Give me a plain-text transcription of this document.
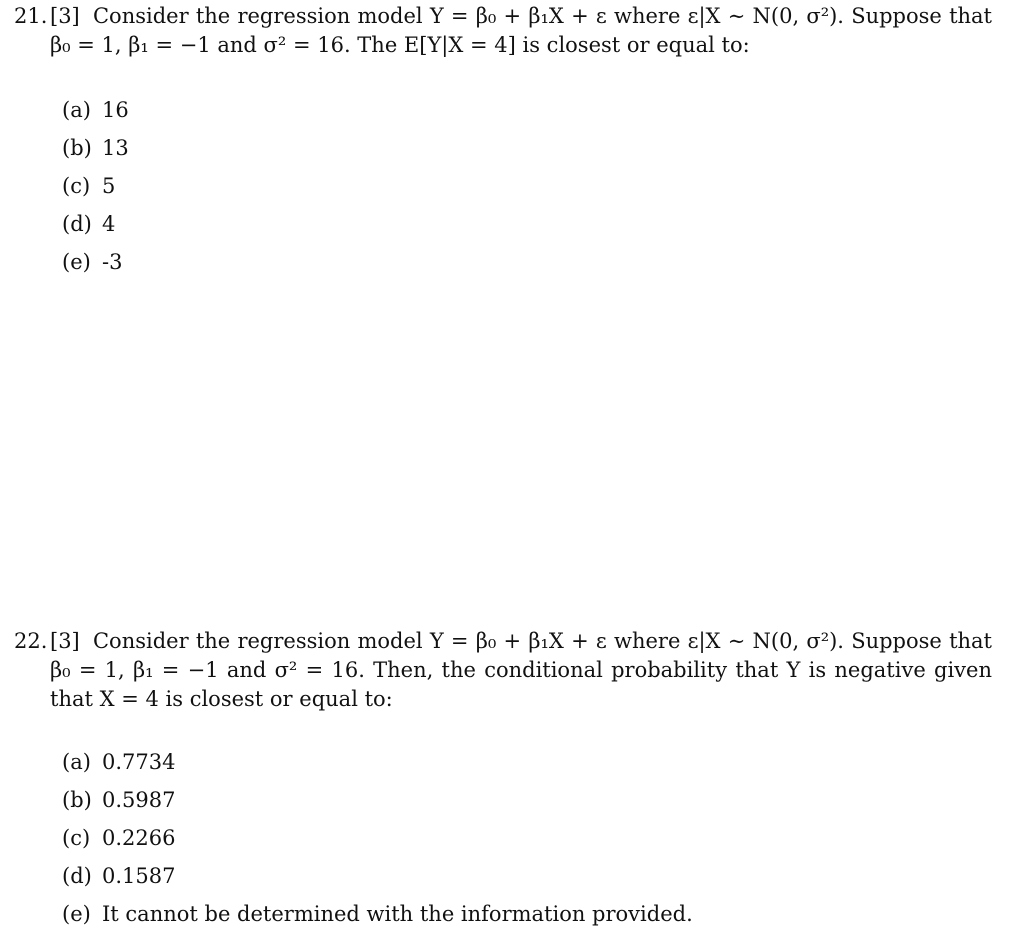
21. [3] Consider the regression model Y = β₀ + β₁X + ε where ε|X ∼ N(0, σ²). Suppose that β₀ = 1, β₁ = −1 and σ² = 16. The E[Y|X = 4] is closest or equal to:
(a) 16
(b) 13
(c) 5
(d) 4
(e) -3
22. [3] Consider the regression model Y = β₀ + β₁X + ε where ε|X ∼ N(0, σ²). Suppose that β₀ = 1, β₁ = −1 and σ² = 16. Then, the conditional probability that Y is negative given that X = 4 is closest or equal to:
(a) 0.7734
(b) 0.5987
(c) 0.2266
(d) 0.1587
(e) It cannot be determined with the information provided.
